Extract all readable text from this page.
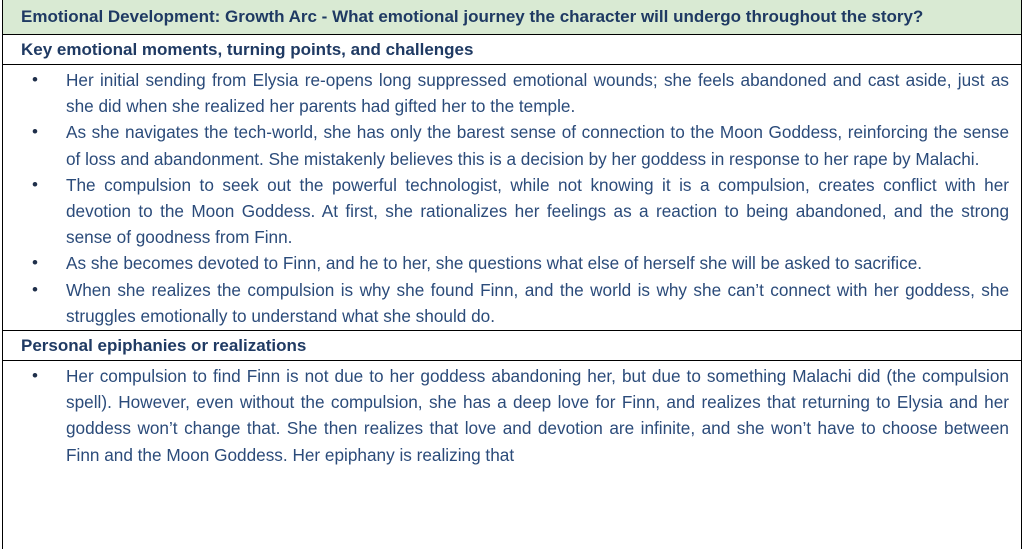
Emotional Development: Growth Arc - What emotional journey the character will undergo throughout the story?
Key emotional moments, turning points, and challenges
• Her initial sending from Elysia re-opens long suppressed emotional wounds; she feels abandoned and cast aside, just as she did when she realized her parents had gifted her to the temple.
• As she navigates the tech-world, she has only the barest sense of connection to the Moon Goddess, reinforcing the sense of loss and abandonment. She mistakenly believes this is a decision by her goddess in response to her rape by Malachi.
• The compulsion to seek out the powerful technologist, while not knowing it is a compulsion, creates conflict with her devotion to the Moon Goddess. At first, she rationalizes her feelings as a reaction to being abandoned, and the strong sense of goodness from Finn.
• As she becomes devoted to Finn, and he to her, she questions what else of herself she will be asked to sacrifice.
• When she realizes the compulsion is why she found Finn, and the world is why she can’t connect with her goddess, she struggles emotionally to understand what she should do.
Personal epiphanies or realizations
• Her compulsion to find Finn is not due to her goddess abandoning her, but due to something Malachi did (the compulsion spell). However, even without the compulsion, she has a deep love for Finn, and realizes that returning to Elysia and her goddess won’t change that. She then realizes that love and devotion are infinite, and she won’t have to choose between Finn and the Moon Goddess. Her epiphany is realizing that
